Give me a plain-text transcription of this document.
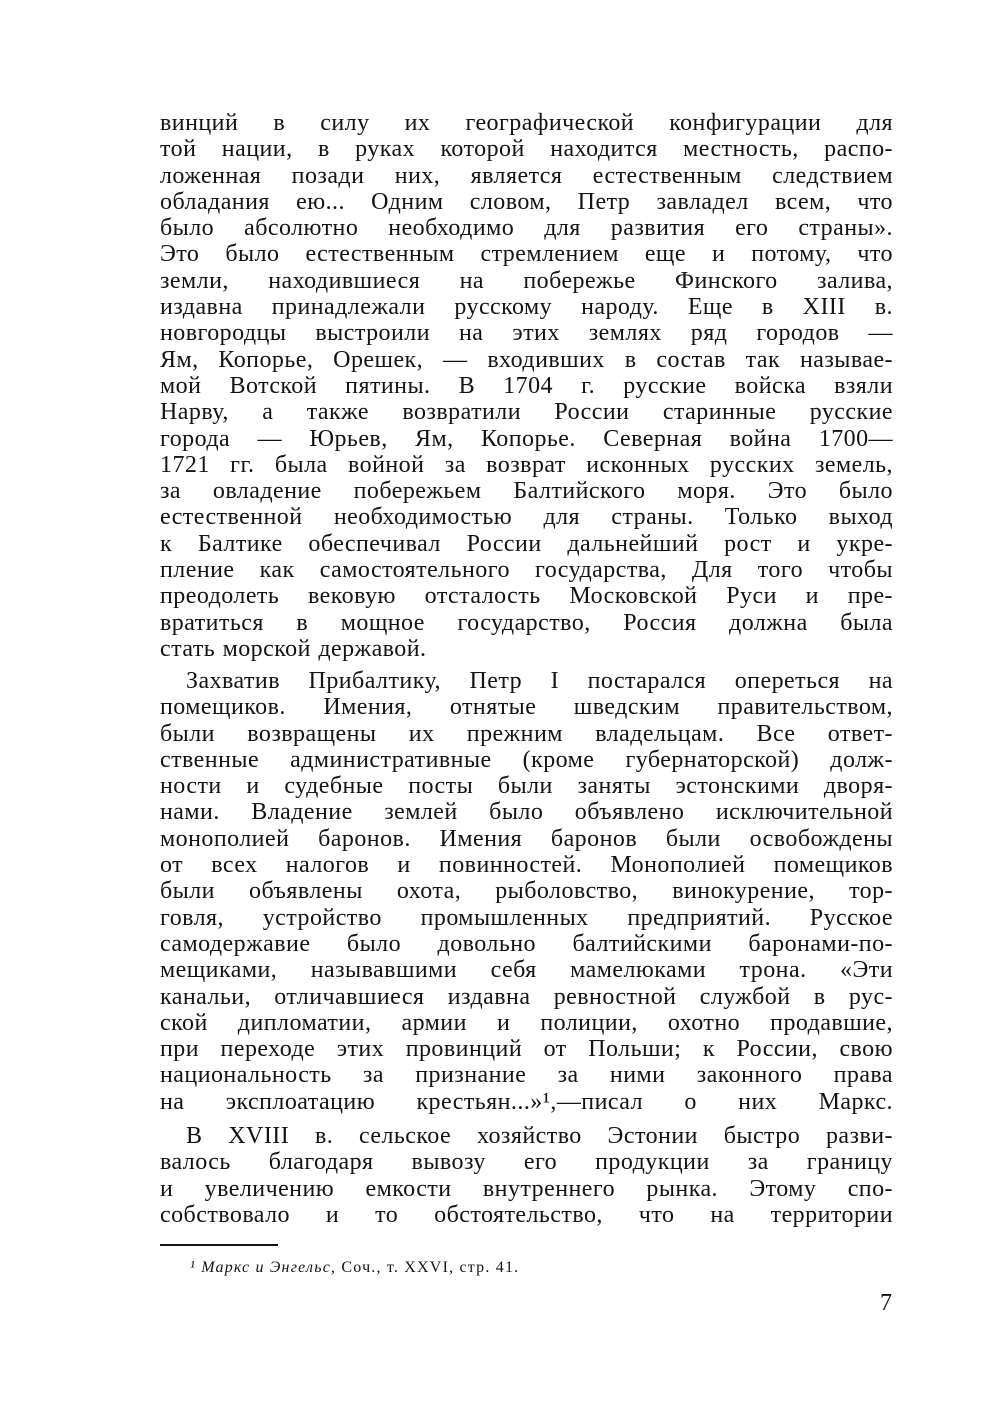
винций в силу их географической конфигурации для
той нации, в руках которой находится местность, распо-
ложенная позади них, является естественным следствием
обладания ею... Одним словом, Петр завладел всем, что
было абсолютно необходимо для развития его страны».
Это было естественным стремлением еще и потому, что
земли, находившиеся на побережье Финского залива,
издавна принадлежали русскому народу. Еще в XIII в.
новгородцы выстроили на этих землях ряд городов —
Ям, Копорье, Орешек, — входивших в состав так называе-
мой Вотской пятины. В 1704 г. русские войска взяли
Нарву, а также возвратили России старинные русские
города — Юрьев, Ям, Копорье. Северная война 1700—
1721 гг. была войной за возврат исконных русских земель,
за овладение побережьем Балтийского моря. Это было
естественной необходимостью для страны. Только выход
к Балтике обеспечивал России дальнейший рост и укре-
пление как самостоятельного государства, Для того чтобы
преодолеть вековую отсталость Московской Руси и пре-
вратиться в мощное государство, Россия должна была
стать морской державой.
Захватив Прибалтику, Петр I постарался опереться на
помещиков. Имения, отнятые шведским правительством,
были возвращены их прежним владельцам. Все ответ-
ственные административные (кроме губернаторской) долж-
ности и судебные посты были заняты эстонскими дворя-
нами. Владение землей было объявлено исключительной
монополией баронов. Имения баронов были освобождены
от всех налогов и повинностей. Монополией помещиков
были объявлены охота, рыболовство, винокурение, тор-
говля, устройство промышленных предприятий. Русское
самодержавие было довольно балтийскими баронами-по-
мещиками, называвшими себя мамелюками трона. «Эти
канальи, отличавшиеся издавна ревностной службой в рус-
ской дипломатии, армии и полиции, охотно продавшие,
при переходе этих провинций от Польши; к России, свою
национальность за признание за ними законного права
на эксплоатацию крестьян...»¹,—писал о них Маркс.
В XVIII в. сельское хозяйство Эстонии быстро разви-
валось благодаря вывозу его продукции за границу
и увеличению емкости внутреннего рынка. Этому спо-
собствовало и то обстоятельство, что на территории
¹ Маркс и Энгельс, Соч., т. XXVI, стр. 41.
7
